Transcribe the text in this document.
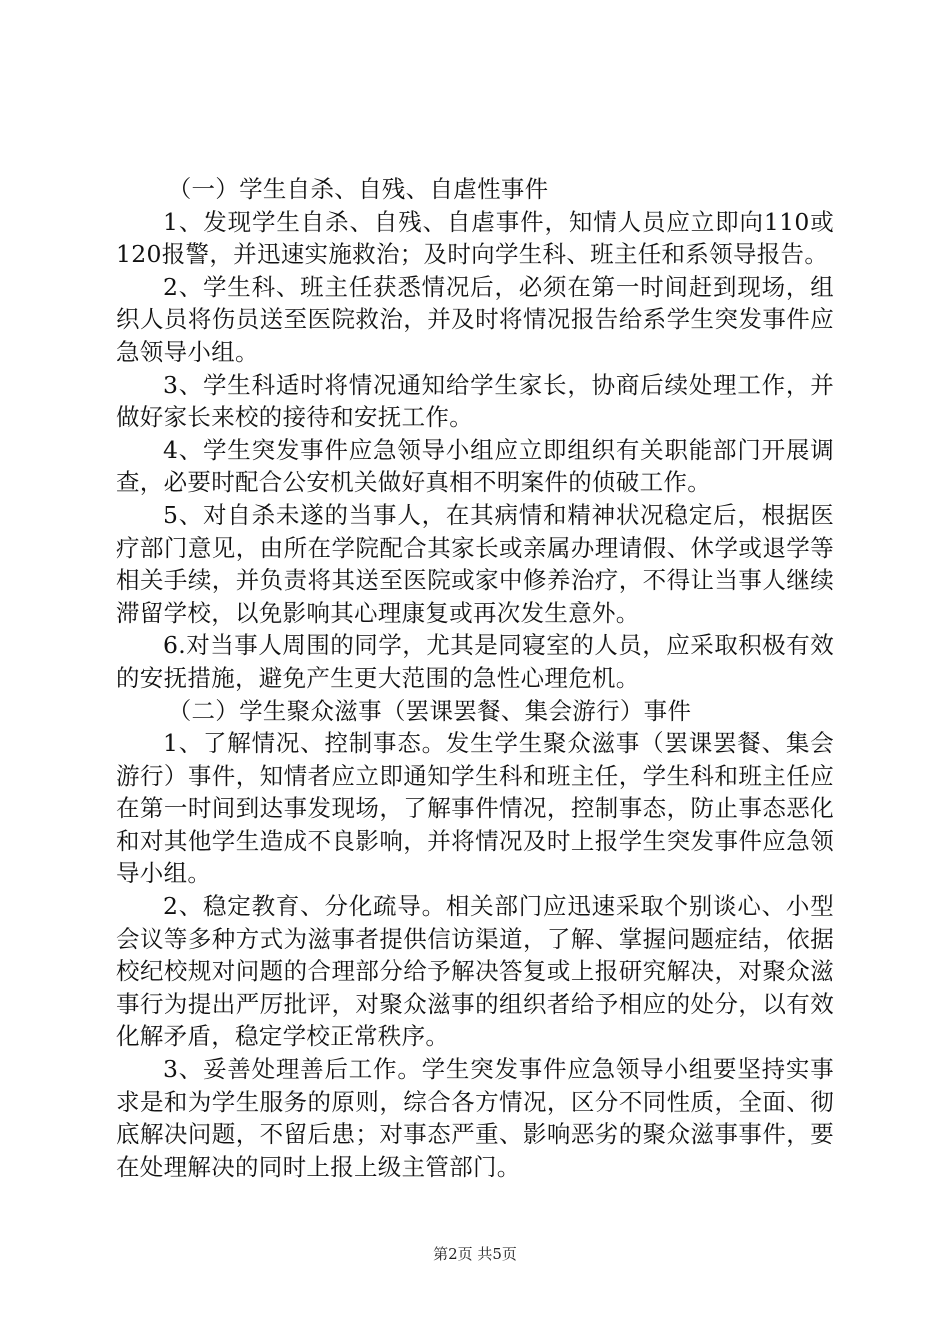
（一）学生自杀、自残、自虐性事件

1、发现学生自杀、自残、自虐事件，知情人员应立即向110或120报警，并迅速实施救治；及时向学生科、班主任和系领导报告。

2、学生科、班主任获悉情况后，必须在第一时间赶到现场，组织人员将伤员送至医院救治，并及时将情况报告给系学生突发事件应急领导小组。

3、学生科适时将情况通知给学生家长，协商后续处理工作，并做好家长来校的接待和安抚工作。

4、学生突发事件应急领导小组应立即组织有关职能部门开展调查，必要时配合公安机关做好真相不明案件的侦破工作。

5、对自杀未遂的当事人，在其病情和精神状况稳定后，根据医疗部门意见，由所在学院配合其家长或亲属办理请假、休学或退学等相关手续，并负责将其送至医院或家中修养治疗，不得让当事人继续滞留学校，以免影响其心理康复或再次发生意外。

6.对当事人周围的同学，尤其是同寝室的人员，应采取积极有效的安抚措施，避免产生更大范围的急性心理危机。

（二）学生聚众滋事（罢课罢餐、集会游行）事件

1、了解情况、控制事态。发生学生聚众滋事（罢课罢餐、集会游行）事件，知情者应立即通知学生科和班主任，学生科和班主任应在第一时间到达事发现场，了解事件情况，控制事态，防止事态恶化和对其他学生造成不良影响，并将情况及时上报学生突发事件应急领导小组。

2、稳定教育、分化疏导。相关部门应迅速采取个别谈心、小型会议等多种方式为滋事者提供信访渠道，了解、掌握问题症结，依据校纪校规对问题的合理部分给予解决答复或上报研究解决，对聚众滋事行为提出严厉批评，对聚众滋事的组织者给予相应的处分，以有效化解矛盾，稳定学校正常秩序。

3、妥善处理善后工作。学生突发事件应急领导小组要坚持实事求是和为学生服务的原则，综合各方情况，区分不同性质，全面、彻底解决问题，不留后患；对事态严重、影响恶劣的聚众滋事事件，要在处理解决的同时上报上级主管部门。

第2页 共5页
